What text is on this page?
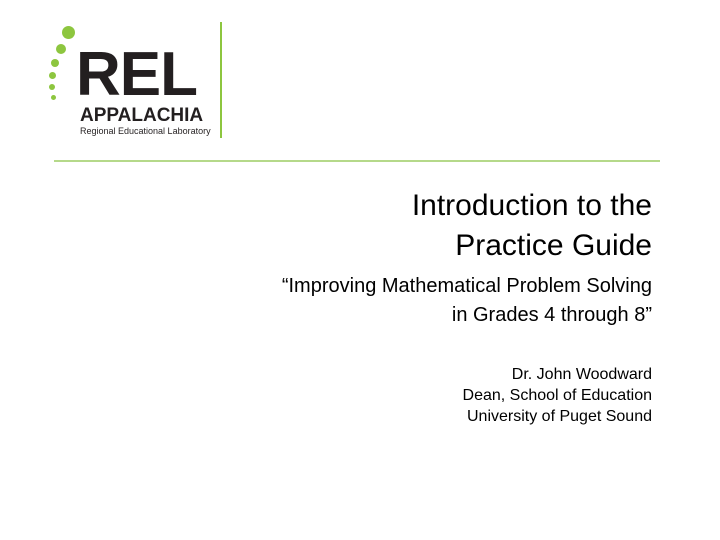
REL
APPALACHIA
Regional Educational Laboratory
Introduction to the
Practice Guide
“Improving Mathematical Problem Solving
in Grades 4 through 8”
Dr. John Woodward
Dean, School of Education
University of Puget Sound
